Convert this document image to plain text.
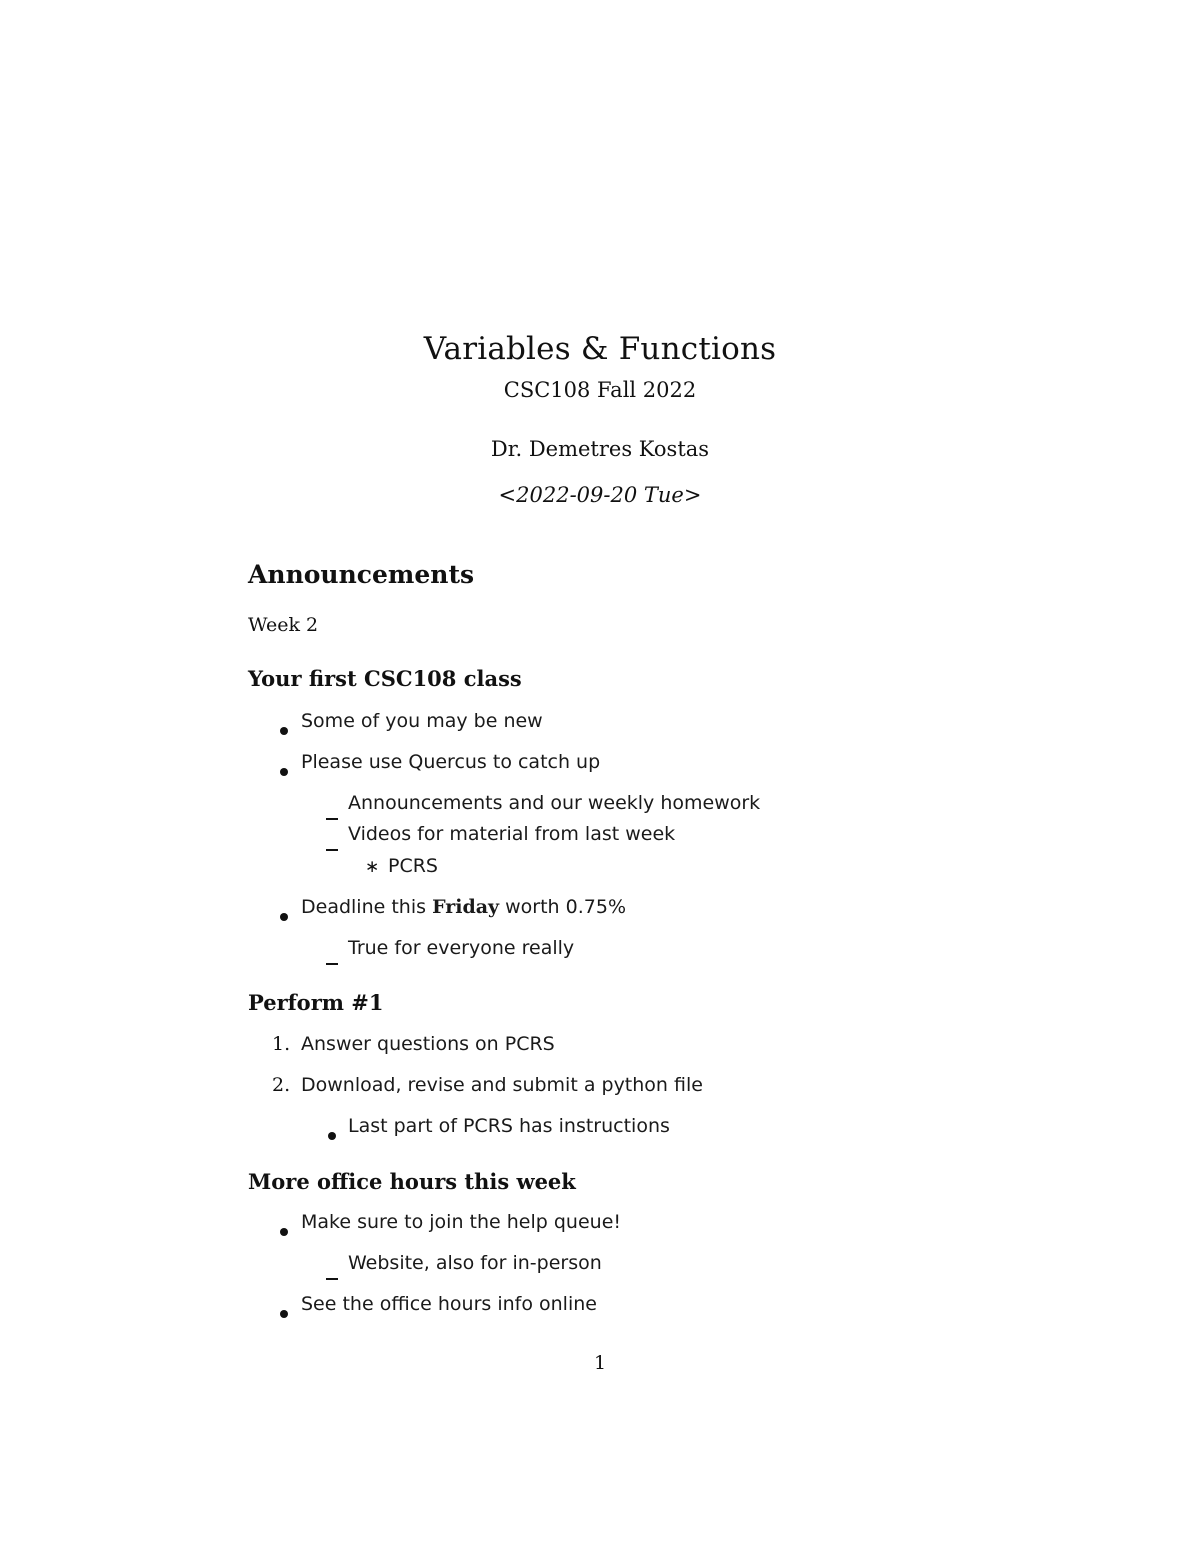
Variables & Functions
CSC108 Fall 2022
Dr. Demetres Kostas
<2022-09-20 Tue>
Announcements

Week 2

Your first CSC108 class
Some of you may be new
Please use Quercus to catch up
Announcements and our weekly homework
Videos for material from last week
∗ PCRS
Deadline this Friday worth 0.75%
True for everyone really
Perform #1
1. Answer questions on PCRS
2. Download, revise and submit a python file
Last part of PCRS has instructions
More office hours this week
Make sure to join the help queue!
Website, also for in-person
See the office hours info online
1
